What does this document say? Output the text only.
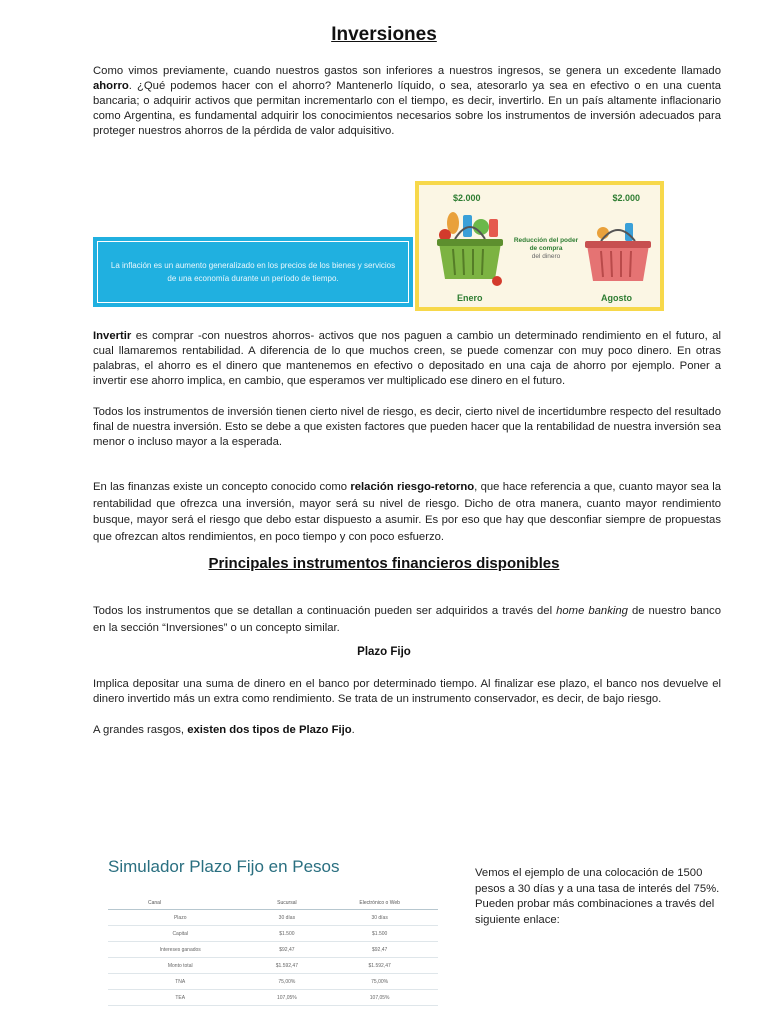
Inversiones

Como vimos previamente, cuando nuestros gastos son inferiores a nuestros ingresos, se genera un excedente llamado ahorro. ¿Qué podemos hacer con el ahorro? Mantenerlo líquido, o sea, atesorarlo ya sea en efectivo o en una cuenta bancaria; o adquirir activos que permitan incrementarlo con el tiempo, es decir, invertirlo. En un país altamente inflacionario como Argentina, es fundamental adquirir los conocimientos necesarios sobre los instrumentos de inversión adecuados para proteger nuestros ahorros de la pérdida de valor adquisitivo.

La inflación es un aumento generalizado en los precios de los bienes y servicios de una economía durante un período de tiempo.
$2.000	$2.000
Reducción del poder de compra
del dinero
Enero	Agosto

Invertir es comprar -con nuestros ahorros- activos que nos paguen a cambio un determinado rendimiento en el futuro, al cual llamaremos rentabilidad. A diferencia de lo que muchos creen, se puede comenzar con muy poco dinero. En otras palabras, el ahorro es el dinero que mantenemos en efectivo o depositado en una caja de ahorro por ejemplo. Poner a invertir ese ahorro implica, en cambio, que esperamos ver multiplicado ese dinero en el futuro.

Todos los instrumentos de inversión tienen cierto nivel de riesgo, es decir, cierto nivel de incertidumbre respecto del resultado final de nuestra inversión. Esto se debe a que existen factores que pueden hacer que la rentabilidad de nuestra inversión sea menor o incluso mayor a la esperada.

En las finanzas existe un concepto conocido como relación riesgo-retorno, que hace referencia a que, cuanto mayor sea la rentabilidad que ofrezca una inversión, mayor será su nivel de riesgo. Dicho de otra manera, cuanto mayor rendimiento busque, mayor será el riesgo que debo estar dispuesto a asumir. Es por eso que hay que desconfiar siempre de propuestas que ofrezcan altos rendimientos, en poco tiempo y con poco esfuerzo.

Principales instrumentos financieros disponibles

Todos los instrumentos que se detallan a continuación pueden ser adquiridos a través del home banking de nuestro banco en la sección “Inversiones” o un concepto similar.

Plazo Fijo

Implica depositar una suma de dinero en el banco por determinado tiempo. Al finalizar ese plazo, el banco nos devuelve el dinero invertido más un extra como rendimiento. Se trata de un instrumento conservador, es decir, de bajo riesgo.

A grandes rasgos, existen dos tipos de Plazo Fijo.

Simulador Plazo Fijo en Pesos
Canal	Sucursal	Electrónico o Web
Plazo	30 días	30 días
Capital	$1.500	$1.500
Intereses ganados	$92,47	$92,47
Monto total	$1.592,47	$1.592,47
TNA	75,00%	75,00%
TEA	107,05%	107,05%

Vemos el ejemplo de una colocación de 1500 pesos a 30 días y a una tasa de interés del 75%. Pueden probar más combinaciones a través del siguiente enlace:
